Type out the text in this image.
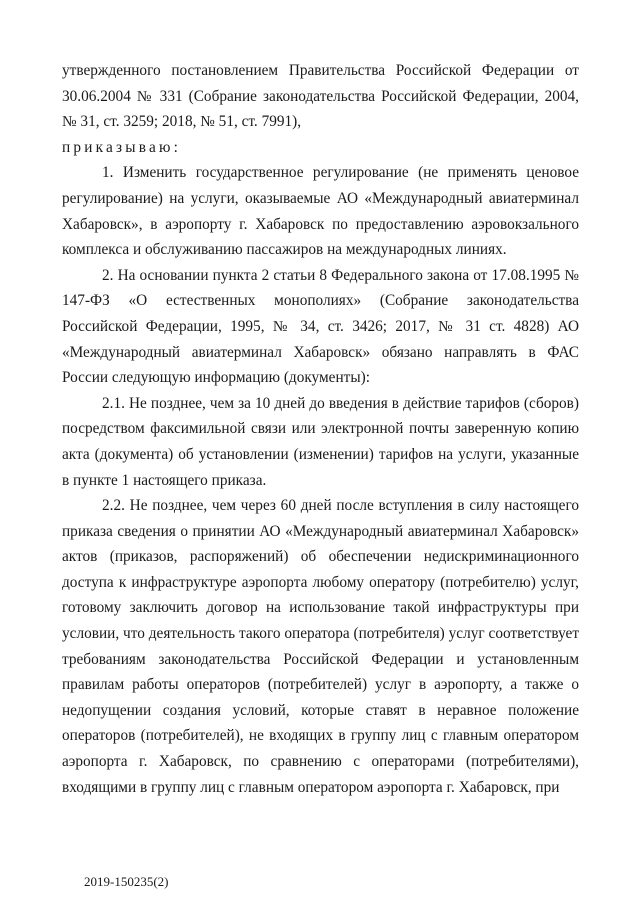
утвержденного постановлением Правительства Российской Федерации от 30.06.2004 № 331 (Собрание законодательства Российской Федерации, 2004, № 31, ст. 3259; 2018, № 51, ст. 7991),

приказываю:

1. Изменить государственное регулирование (не применять ценовое регулирование) на услуги, оказываемые АО «Международный авиатерминал Хабаровск», в аэропорту г. Хабаровск по предоставлению аэровокзального комплекса и обслуживанию пассажиров на международных линиях.

2. На основании пункта 2 статьи 8 Федерального закона от 17.08.1995 № 147-ФЗ «О естественных монополиях» (Собрание законодательства Российской Федерации, 1995, № 34, ст. 3426; 2017, № 31 ст. 4828) АО «Международный авиатерминал Хабаровск» обязано направлять в ФАС России следующую информацию (документы):

2.1. Не позднее, чем за 10 дней до введения в действие тарифов (сборов) посредством факсимильной связи или электронной почты заверенную копию акта (документа) об установлении (изменении) тарифов на услуги, указанные в пункте 1 настоящего приказа.

2.2. Не позднее, чем через 60 дней после вступления в силу настоящего приказа сведения о принятии АО «Международный авиатерминал Хабаровск» актов (приказов, распоряжений) об обеспечении недискриминационного доступа к инфраструктуре аэропорта любому оператору (потребителю) услуг, готовому заключить договор на использование такой инфраструктуры при условии, что деятельность такого оператора (потребителя) услуг соответствует требованиям законодательства Российской Федерации и установленным правилам работы операторов (потребителей) услуг в аэропорту, а также о недопущении создания условий, которые ставят в неравное положение операторов (потребителей), не входящих в группу лиц с главным оператором аэропорта г. Хабаровск, по сравнению с операторами (потребителями), входящими в группу лиц с главным оператором аэропорта г. Хабаровск, при

2019-150235(2)
